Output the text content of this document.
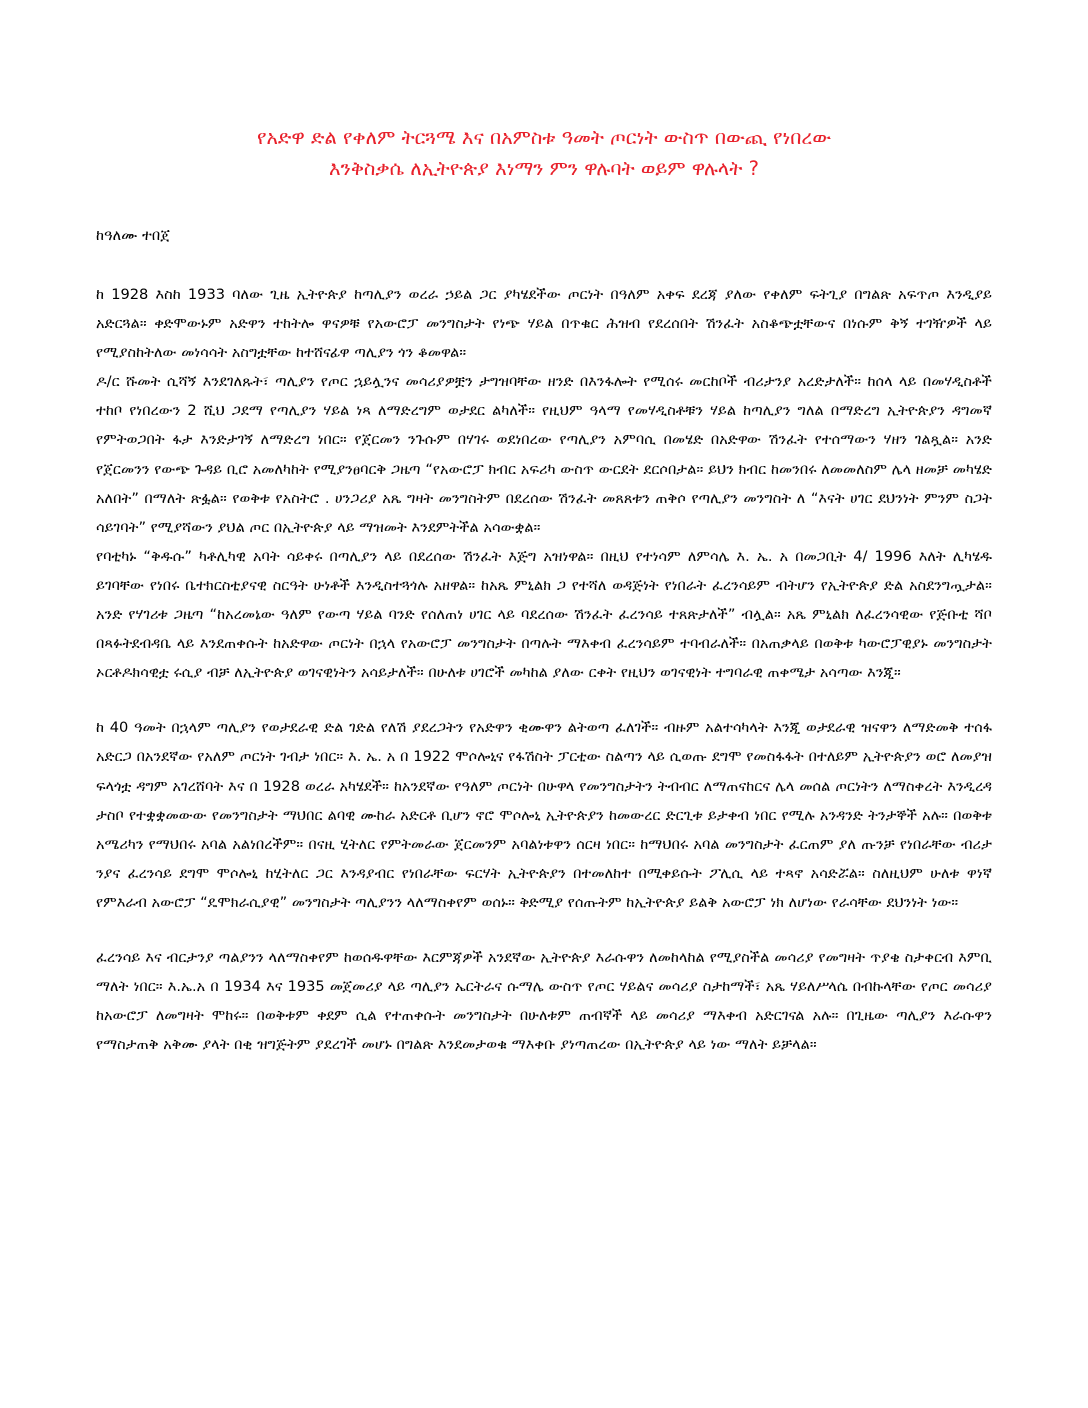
የአድዋ ድል የቀለም ትርጓሜ እና በአምስቱ ዓመት ጦርነት ውስጥ በውጪ የነበረው
እንቅስቃሴ ለኢትዮጵያ እነማን ምን ዋሉባት ወይም ዋሉላት ?

ከዓለሙ ተበጀ

ከ 1928 እስከ 1933 ባለው ጊዜ ኢትዮጵያ ከጣሊያን ወረራ ኃይል ጋር ያካሄደችው ጦርነት በዓለም አቀፍ ደረጃ ያለው የቀለም ፍትጊያ በግልጽ አፍጥጦ እንዲያይ አድርጓል። ቀድሞውኑም አድዋን ተከትሎ ዋናዎቹ የአውሮፓ መንግስታት የነጭ ሃይል በጥቁር ሕዝብ የደረሰበት ሽንፈት አስቆጭቷቸውና በነሱም ቅኝ ተገዥዎች ላይ የሚያስከትለው መነሳሳት አስግቷቸው ከተሸናፊዋ ጣሊያን ጎን ቆመዋል።

ዶ/ር ሹመት ሲሻኝ እንደገለጹት፣ ጣሊያን የጦር ኋይሏንና መሳሪያዎቿን ታግዝባቸው ዘንድ በእንፋሎት የሚሰሩ መርከቦች ብሪታንያ አረድታለች። ከሰላ ላይ በመሃዲስቶች ተከቦ የነበረውን 2 ሺህ ጋደማ የጣሊያን ሃይል ነጻ ለማድረግም ወታደር ልካለች። የዚህም ዓላማ የመሃዲስቶቹን ሃይል ከጣሊያን ግለል በማድረግ ኢትዮጵያን ዳግመኛ የምትወጋበት ፋታ እንድታገኝ ለማድረግ ነበር። የጀርመን ንጉሱም በሃገሩ ወደነበረው የጣሊያን አምባሲ በመሄድ በአድዋው ሽንፈት የተሰማውን ሃዘን ገልጿል። አንድ የጀርመንን የውጭ ጉዳይ ቢሮ አመለካከት የሚያንፀባርቅ ጋዜጣ “የአውሮፓ ክብር አፍሪካ ውስጥ ውርደት ደርሶበታል። ይህን ክብር ከመንበሩ ለመመለስም ሌላ ዘመቻ መካሄድ አለበት” በማለት ጽፏል። የወቅቱ የአስትሮ . ሀንጋሪያ አጼ ግዛት መንግስትም በደረሰው ሽንፈት መጸጸቱን ጠቅሶ የጣሊያን መንግስት ለ “እናት ሀገር ደህንነት ምንም ስጋት ሳይገባት” የሚያሻውን ያህል ጦር በኢትዮጵያ ላይ ማዝመት እንደምትችል አሳውቋል።

የባቲካኑ “ቅዱሱ” ካቶሊካዊ አባት ሳይቀሩ በጣሊያን ላይ በደረሰው ሽንፈት እጅግ አዝነዋል። በዚህ የተነሳም ለምሳሌ እ. ኤ. አ በመጋቢት 4/ 1996 እለት ሊካሄዱ ይገባቸው የነበሩ ቤተክርስቲያናዊ ስርዓት ሁነቶች እንዲስተጓጎሉ አዘዋል። ከአጼ ምኒልክ ጋ የተሻለ ወዳጅነት የነበራት ፈረንሳይም ብትሆን የኢትዮጵያ ድል አስደንግጧታል። አንድ የሃገሪቱ ጋዜጣ “ከአረመኔው ዓለም የውጣ ሃይል ባንድ የሰለጠነ ሀገር ላይ ባደረሰው ሽንፈት ፈረንሳይ ተጸጽታለች” ብሏል። አጼ ምኒልክ ለፈረንሳዊው የጅቡቲ ሻቦ በጻፉትደብዳቤ ላይ እንደጠቀሱት ከአድዋው ጦርነት በኋላ የአውሮፓ መንግስታት በጣሉት ማእቀብ ፈረንሳይም ተባብራለች። በአጠቃላይ በወቅቱ ካውሮፓዊያኑ መንግስታት ኦርቶዶክሳዊቷ ሩሲያ ብቻ ለኢትዮጵያ ወገናዊነትን አሳይታለች። በሁለቱ ሀገሮች መካከል ያለው ርቀት የዚህን ወገናዊነት ተግባራዊ ጠቀሜታ አሳጣው እንጂ።

ከ 40 ዓመት በኋላም ጣሊያን የወታደራዊ ድል ገድል የለሽ ያደረጋትን የአድዋን ቂሙዋን ልትወጣ ፈለገች። ብዙም አልተሳካላት እንጂ ወታደራዊ ዝናዋን ለማድመቅ ተሰፋ አድርጋ በአንደኛው የአለም ጦርነት ገብታ ነበር። እ. ኤ. አ በ 1922 ሞሶሎኒና የፋሽስት ፓርቲው ስልጣን ላይ ሲወጡ ደግሞ የመስፋፋት በተለይም ኢትዮጵያን ወሮ ለመያዝ ፍላጎቷ ዳግም አገረሸባት እና በ 1928 ወረራ አካሄደች። ከአንደኛው የዓለም ጦርነት በሁዋላ የመንግስታትን ትብብር ለማጠናከርና ሌላ መሰል ጦርነትን ለማስቀረት እንዲረዳ ታስቦ የተቋቋመውው የመንግስታት ማህበር ልባዊ ሙከራ አድርቶ ቢሆን ኖሮ ሞሶሎኒ ኢትዮጵያን ከመውረር ድርጊቱ ይታቀብ ነበር የሚሉ አንዳንድ ትንታኞች አሉ። በወቅቱ አሜሪካን የማህበሩ አባል አልነበረችም። በናዚ ሂትለር የምትመራው ጀርመንም አባልነቱዋን ሰርዛ ነበር። ከማህበሩ አባል መንግስታት ፈርጠም ያለ ጡንቻ የነበራቸው ብሪታ ንያና ፈረንሳይ ደግሞ ሞሶሎኒ ከሂትለር ጋር እንዳያብር የነበራቸው ፍርሃት ኢትዮጵያን በተመለከተ በሚቀይሱት ፖሊሲ ላይ ተጻኖ አሳድሯል። ስለዚህም ሁለቱ ዋነኛ የምእራብ አውሮፓ “ዴሞክራሲያዊ” መንግስታት ጣሊያንን ላለማስቀየም ወሰኑ። ቅድሚያ የሰጡትም ከኢትዮጵያ ይልቅ አውሮፓ ነክ ለሆነው የራሳቸው ደህንነት ነው።

ፈረንሳይ እና ብርታንያ ጣልያንን ላለማስቀየም ከወሰዱዋቸው እርምጃዎች አንደኛው ኢትዮጵያ እራሱዋን ለመከላከል የሚያስችል መሳሪያ የመግዛት ጥያቄ ስታቀርብ እምቢ ማለት ነበር። እ.ኤ.አ በ 1934 እና 1935 መጀመሪያ ላይ ጣሊያን ኤርትራና ሱማሌ ውስጥ የጦር ሃይልና መሳሪያ ስታከማች፣ አጼ ሃይለሥላሴ በብኩላቸው የጦር መሳሪያ ከአውሮፓ ለመግዛት ሞከሩ። በወቅቱም ቀደም ሲል የተጠቀሱት መንግስታት በሁለቱም ጠብኛች ላይ መሳሪያ ማእቀብ አድርገናል አሉ። በጊዜው ጣሊያን እራሱዋን የማስታጠቅ አቅሙ ያላት በቂ ዝግጅትም ያደረገች መሆኑ በግልጽ እንደመታወቁ ማእቀቡ ያነጣጠረው በኢትዮጵያ ላይ ነው ማለት ይቻላል።
